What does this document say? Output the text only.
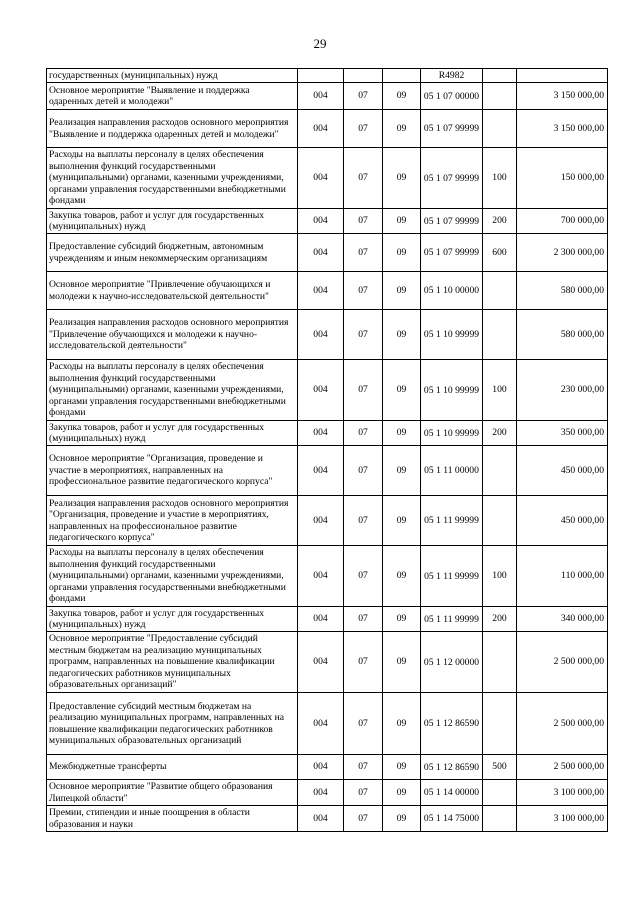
29
государственных (муниципальных) нужд				R4982		
Основное мероприятие "Выявление и поддержка одаренных детей и молодежи"	004	07	09	05 1 07 00000		3 150 000,00
Реализация направления расходов основного мероприятия "Выявление и поддержка одаренных детей и молодежи"	004	07	09	05 1 07 99999		3 150 000,00
Расходы на выплаты персоналу в целях обеспечения выполнения функций государственными (муниципальными) органами, казенными учреждениями, органами управления государственными внебюджетными фондами	004	07	09	05 1 07 99999	100	150 000,00
Закупка товаров, работ и услуг для государственных (муниципальных) нужд	004	07	09	05 1 07 99999	200	700 000,00
Предоставление субсидий бюджетным, автономным учреждениям и иным некоммерческим организациям	004	07	09	05 1 07 99999	600	2 300 000,00
Основное мероприятие "Привлечение обучающихся и молодежи к научно-исследовательской деятельности"	004	07	09	05 1 10 00000		580 000,00
Реализация направления расходов основного мероприятия "Привлечение обучающихся и молодежи к научно-исследовательской деятельности"	004	07	09	05 1 10 99999		580 000,00
Расходы на выплаты персоналу в целях обеспечения выполнения функций государственными (муниципальными) органами, казенными учреждениями, органами управления государственными внебюджетными фондами	004	07	09	05 1 10 99999	100	230 000,00
Закупка товаров, работ и услуг для государственных (муниципальных) нужд	004	07	09	05 1 10 99999	200	350 000,00
Основное мероприятие "Организация, проведение и участие в мероприятиях, направленных на профессиональное развитие педагогического корпуса"	004	07	09	05 1 11 00000		450 000,00
Реализация направления расходов основного мероприятия "Организация, проведение и участие в мероприятиях, направленных на профессиональное развитие педагогического корпуса"	004	07	09	05 1 11 99999		450 000,00
Расходы на выплаты персоналу в целях обеспечения выполнения функций государственными (муниципальными) органами, казенными учреждениями, органами управления государственными внебюджетными фондами	004	07	09	05 1 11 99999	100	110 000,00
Закупка товаров, работ и услуг для государственных (муниципальных) нужд	004	07	09	05 1 11 99999	200	340 000,00
Основное мероприятие "Предоставление субсидий местным бюджетам на реализацию муниципальных программ, направленных на повышение квалификации педагогических работников муниципальных образовательных организаций"	004	07	09	05 1 12 00000		2 500 000,00
Предоставление субсидий местным бюджетам на реализацию муниципальных программ, направленных на повышение квалификации педагогических работников муниципальных образовательных организаций	004	07	09	05 1 12 86590		2 500 000,00
Межбюджетные трансферты	004	07	09	05 1 12 86590	500	2 500 000,00
Основное мероприятие "Развитие общего образования Липецкой области"	004	07	09	05 1 14 00000		3 100 000,00
Премии, стипендии и иные поощрения в области образования и науки	004	07	09	05 1 14 75000		3 100 000,00
